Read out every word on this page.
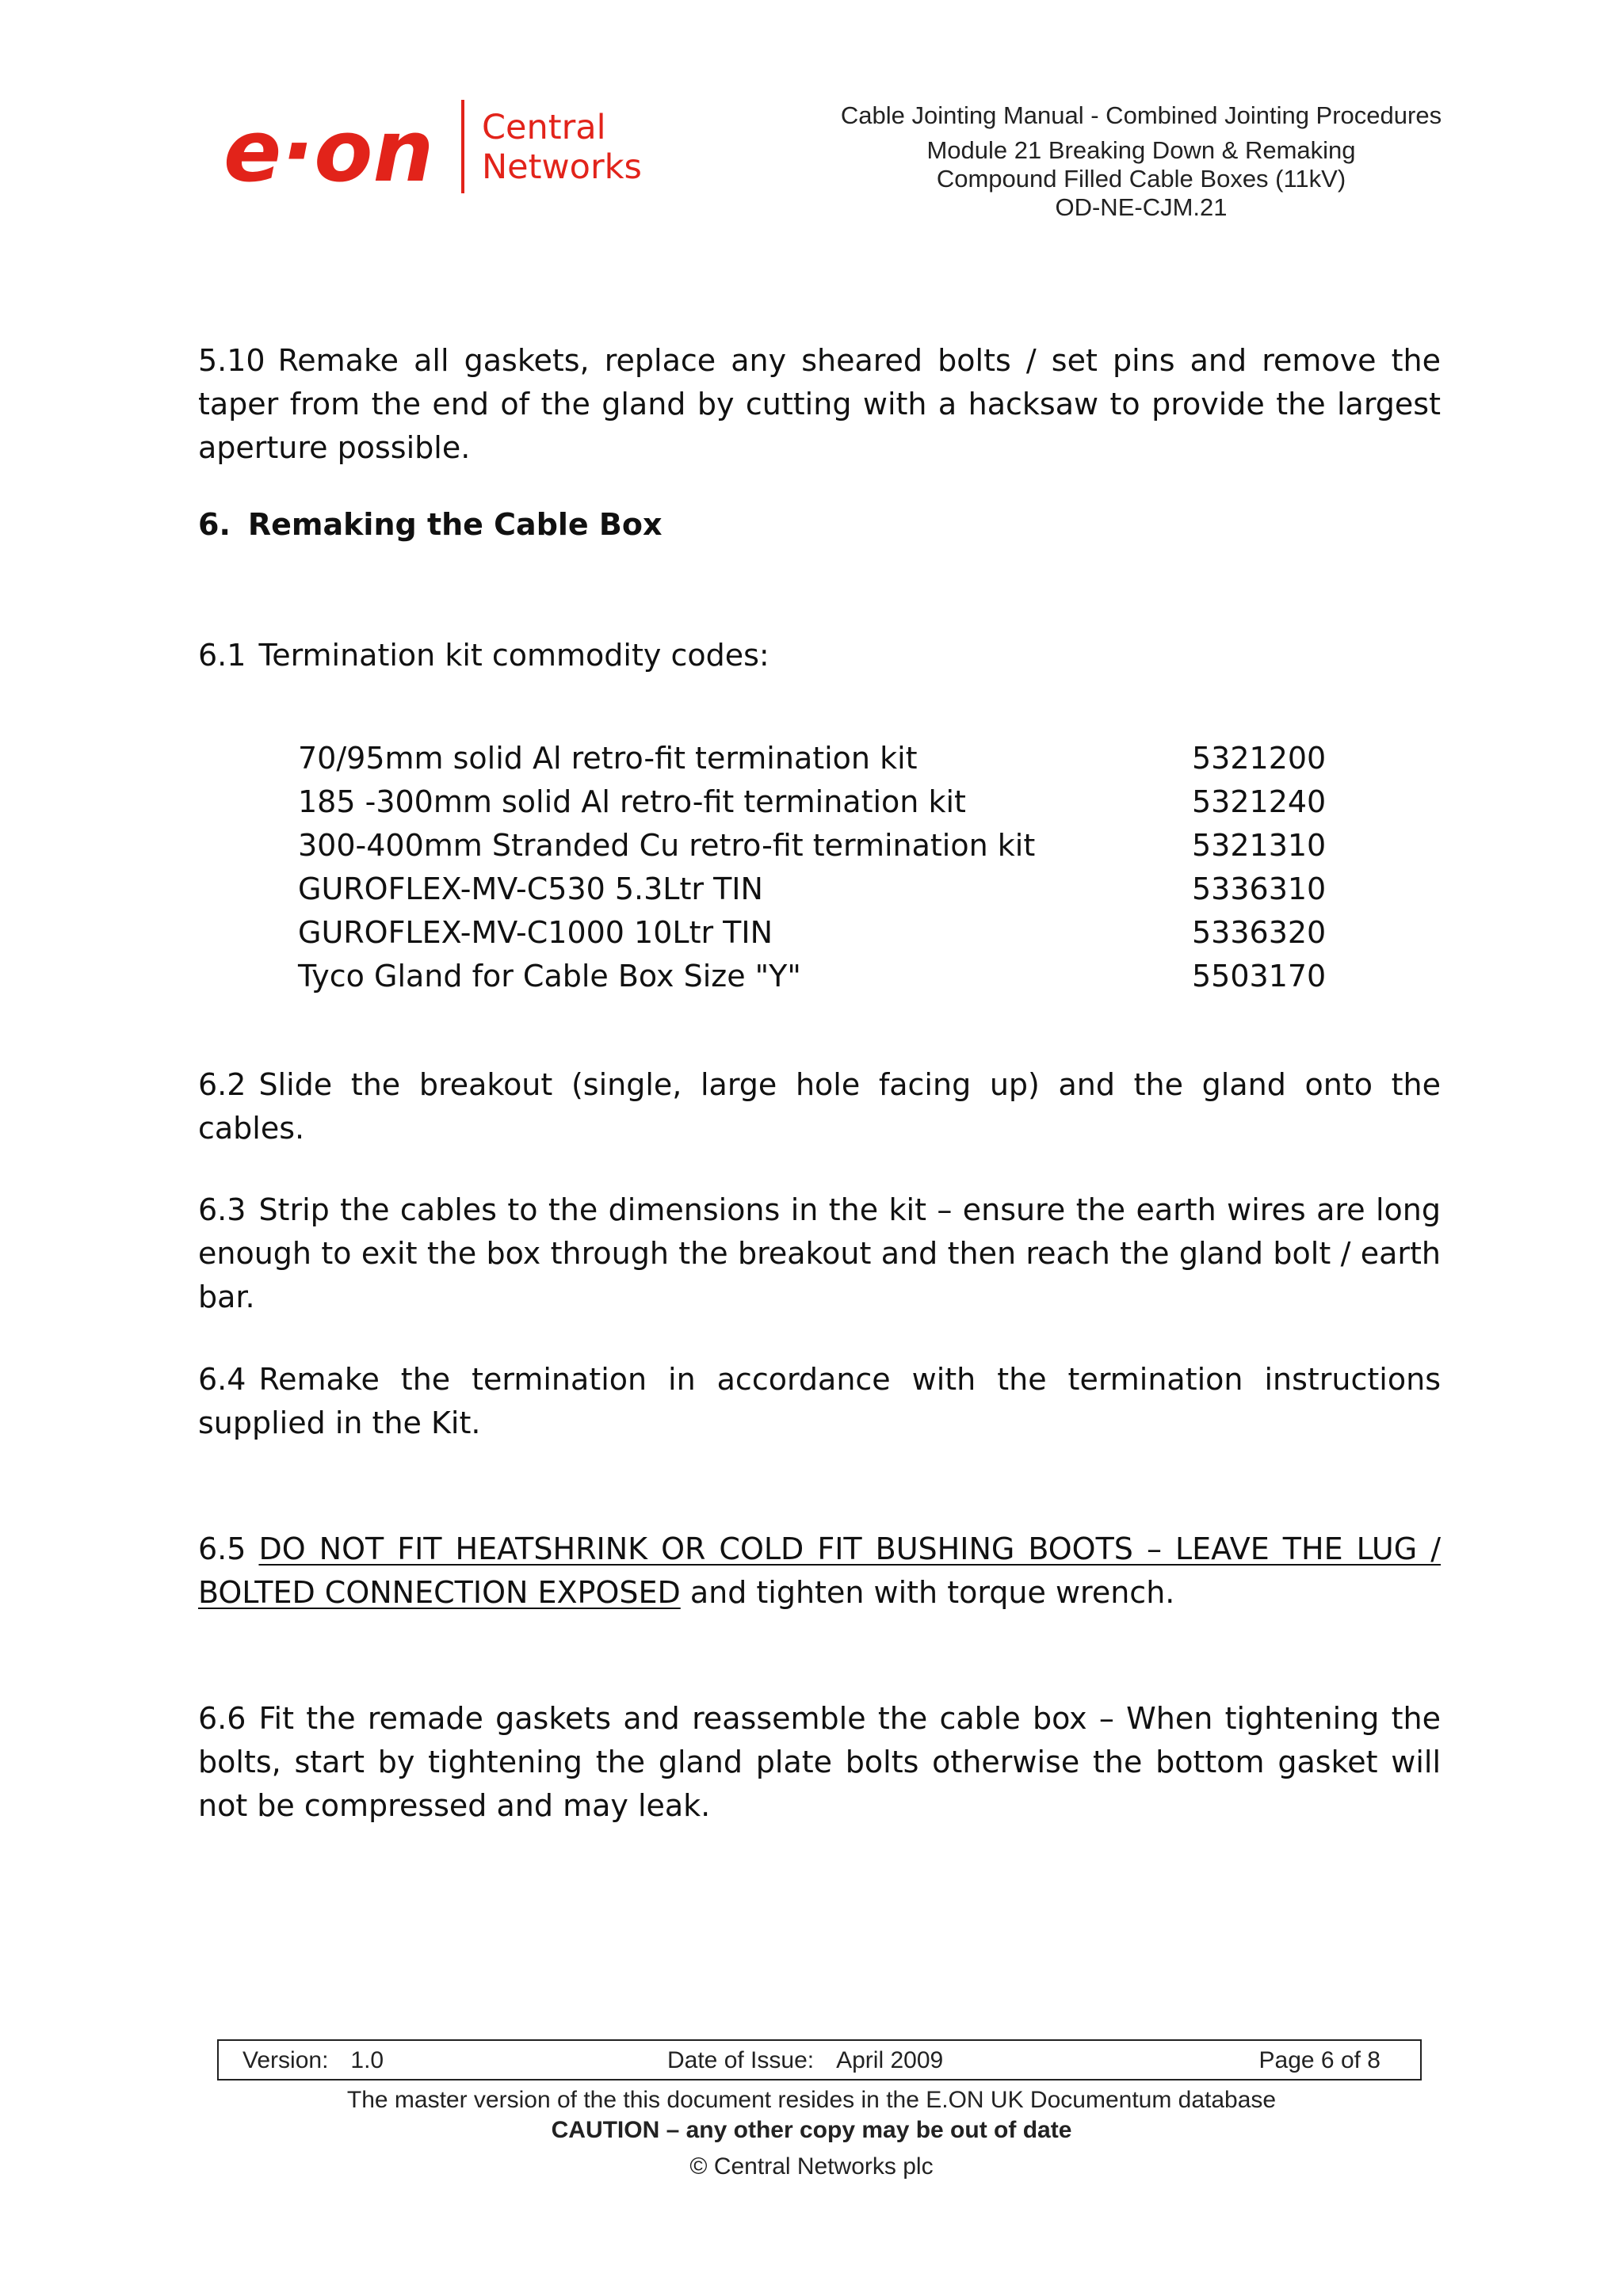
e·on Central
Networks
Cable Jointing Manual - Combined Jointing Procedures
Module 21 Breaking Down & Remaking
Compound Filled Cable Boxes (11kV)
OD-NE-CJM.21
5.10 Remake all gaskets, replace any sheared bolts / set pins and remove the taper from the end of the gland by cutting with a hacksaw to provide the largest aperture possible.
6. Remaking the Cable Box
6.1 Termination kit commodity codes:
70/95mm solid Al retro-fit termination kit	5321200
185 -300mm solid Al retro-fit termination kit	5321240
300-400mm Stranded Cu retro-fit termination kit	5321310
GUROFLEX-MV-C530 5.3Ltr TIN	5336310
GUROFLEX-MV-C1000 10Ltr TIN	5336320
Tyco Gland for Cable Box Size "Y"	5503170
6.2 Slide the breakout (single, large hole facing up) and the gland onto the cables.
6.3 Strip the cables to the dimensions in the kit – ensure the earth wires are long enough to exit the box through the breakout and then reach the gland bolt / earth bar.
6.4 Remake the termination in accordance with the termination instructions supplied in the Kit.
6.5 DO NOT FIT HEATSHRINK OR COLD FIT BUSHING BOOTS – LEAVE THE LUG / BOLTED CONNECTION EXPOSED and tighten with torque wrench.
6.6 Fit the remade gaskets and reassemble the cable box – When tightening the bolts, start by tightening the gland plate bolts otherwise the bottom gasket will not be compressed and may leak.
Version: 1.0	Date of Issue: April 2009	Page 6 of 8
The master version of the this document resides in the E.ON UK Documentum database
CAUTION – any other copy may be out of date
© Central Networks plc
